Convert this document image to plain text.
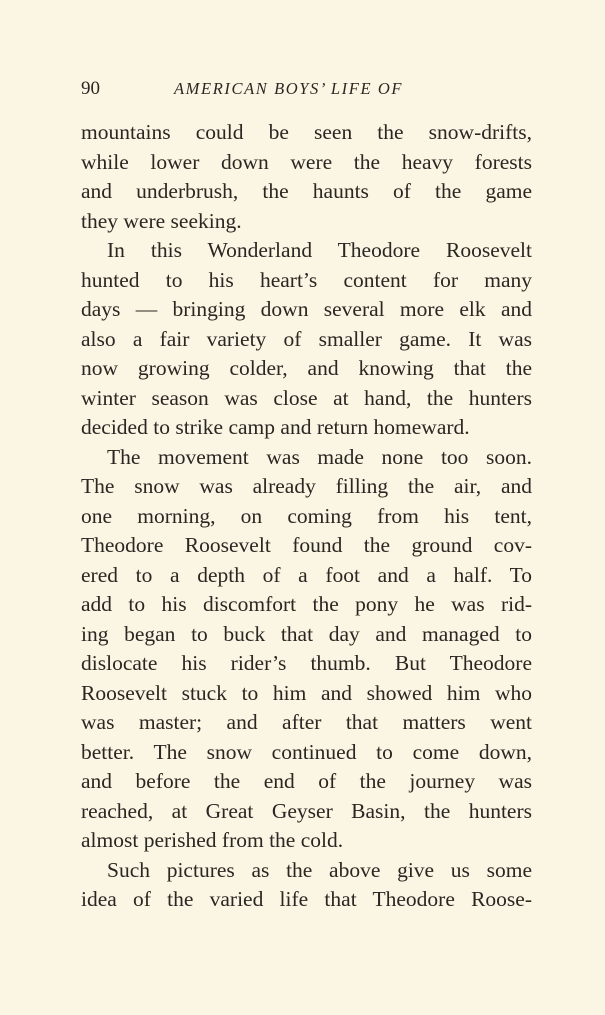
90	AMERICAN BOYS’ LIFE OF
mountains could be seen the snow-drifts,
while lower down were the heavy forests
and underbrush, the haunts of the game
they were seeking.
In this Wonderland Theodore Roosevelt
hunted to his heart’s content for many
days — bringing down several more elk and
also a fair variety of smaller game. It was
now growing colder, and knowing that the
winter season was close at hand, the hunters
decided to strike camp and return homeward.
The movement was made none too soon.
The snow was already filling the air, and
one morning, on coming from his tent,
Theodore Roosevelt found the ground cov-
ered to a depth of a foot and a half. To
add to his discomfort the pony he was rid-
ing began to buck that day and managed to
dislocate his rider’s thumb. But Theodore
Roosevelt stuck to him and showed him who
was master; and after that matters went
better. The snow continued to come down,
and before the end of the journey was
reached, at Great Geyser Basin, the hunters
almost perished from the cold.
Such pictures as the above give us some
idea of the varied life that Theodore Roose-
